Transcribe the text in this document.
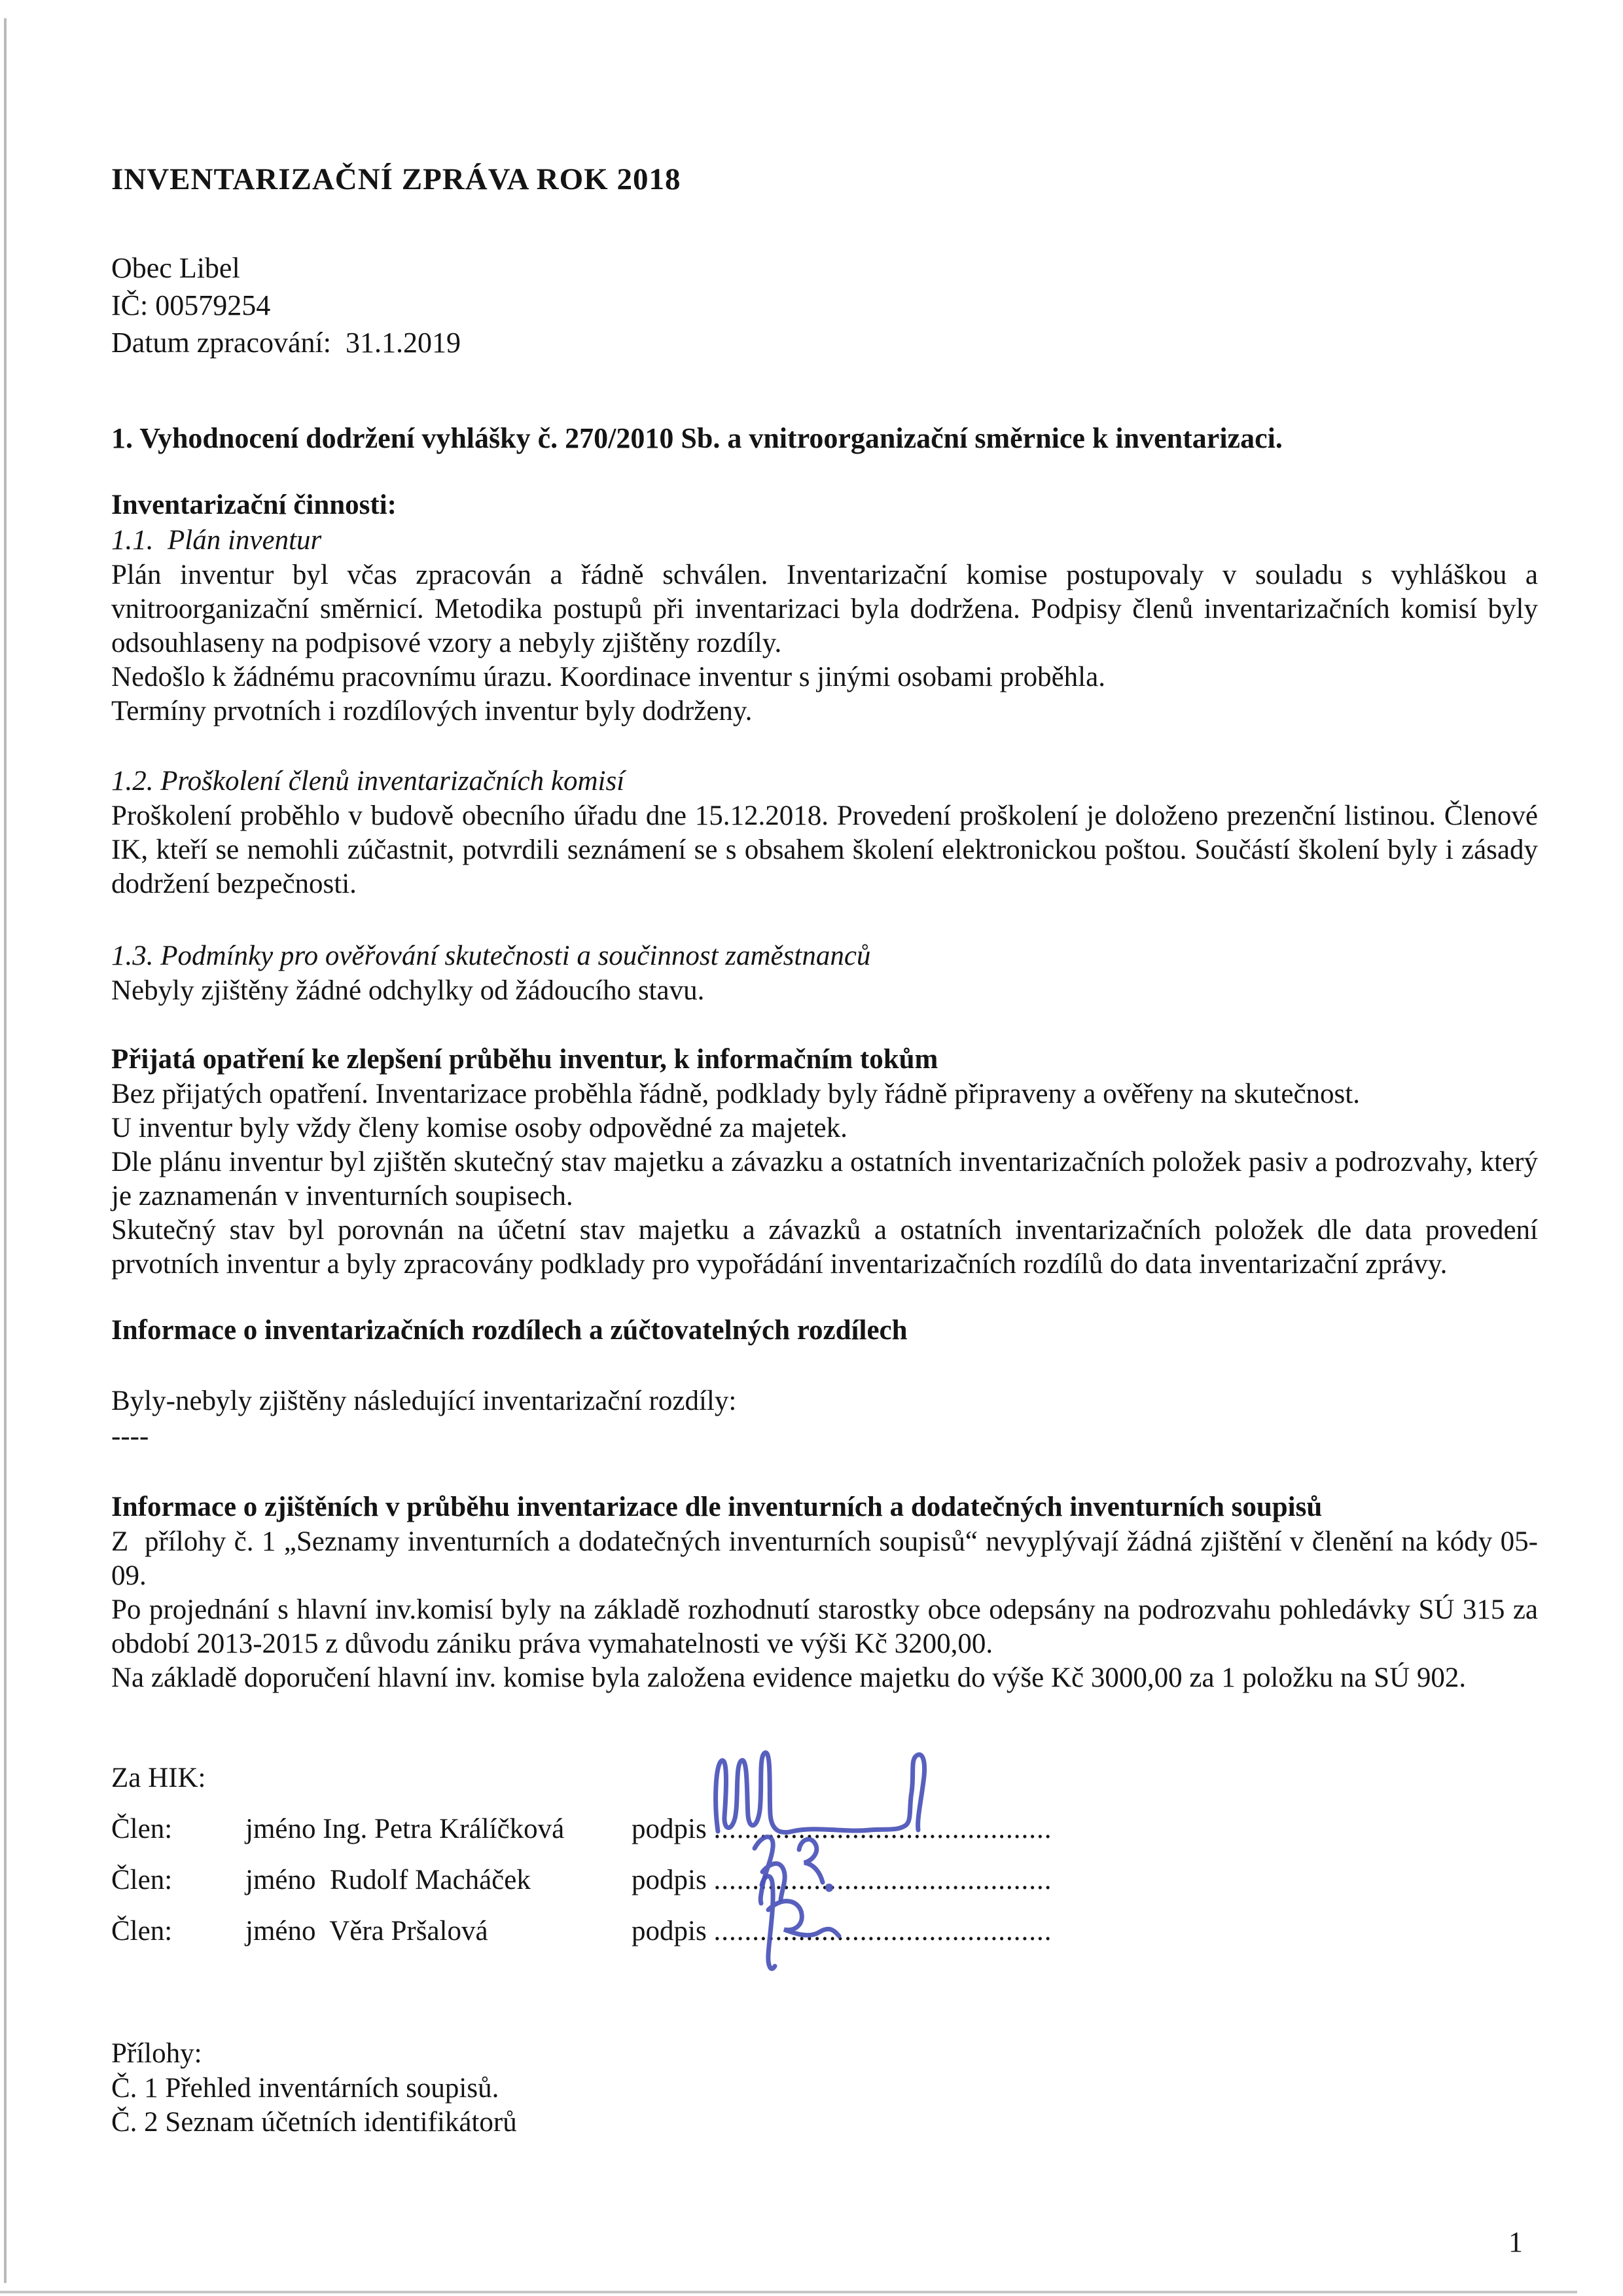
INVENTARIZAČNÍ ZPRÁVA ROK 2018
Obec Libel
IČ: 00579254
Datum zpracování:  31.1.2019
1. Vyhodnocení dodržení vyhlášky č. 270/2010 Sb. a vnitroorganizační směrnice k inventarizaci.
Inventarizační činnosti:
1.1.  Plán inventur

Plán inventur byl včas zpracován a řádně schválen. Inventarizační komise postupovaly v souladu s vyhláškou a vnitroorganizační směrnicí. Metodika postupů při inventarizaci byla dodržena. Podpisy členů inventarizačních komisí byly odsouhlaseny na podpisové vzory a nebyly zjištěny rozdíly.

Nedošlo k žádnému pracovnímu úrazu. Koordinace inventur s jinými osobami proběhla.

Termíny prvotních i rozdílových inventur byly dodrženy.

1.2. Proškolení členů inventarizačních komisí

Proškolení proběhlo v budově obecního úřadu dne 15.12.2018. Provedení proškolení je doloženo prezenční listinou. Členové IK, kteří se nemohli zúčastnit, potvrdili seznámení se s obsahem školení elektronickou poštou. Součástí školení byly i zásady dodržení bezpečnosti.

1.3. Podmínky pro ověřování skutečnosti a součinnost zaměstnanců

Nebyly zjištěny žádné odchylky od žádoucího stavu.

Přijatá opatření ke zlepšení průběhu inventur, k informačním tokům

Bez přijatých opatření. Inventarizace proběhla řádně, podklady byly řádně připraveny a ověřeny na skutečnost.

U inventur byly vždy členy komise osoby odpovědné za majetek.

Dle plánu inventur byl zjištěn skutečný stav majetku a závazku a ostatních inventarizačních položek pasiv a podrozvahy, který je zaznamenán v inventurních soupisech.

Skutečný stav byl porovnán na účetní stav majetku a závazků a ostatních inventarizačních položek dle data provedení prvotních inventur a byly zpracovány podklady pro vypořádání inventarizačních rozdílů do data inventarizační zprávy.

Informace o inventarizačních rozdílech a zúčtovatelných rozdílech

Byly-nebyly zjištěny následující inventarizační rozdíly:

----

Informace o zjištěních v průběhu inventarizace dle inventurních a dodatečných inventurních soupisů

Z  přílohy č. 1 „Seznamy inventurních a dodatečných inventurních soupisů“ nevyplývají žádná zjištění v členění na kódy 05- 09.

Po projednání s hlavní inv.komisí byly na základě rozhodnutí starostky obce odepsány na podrozvahu pohledávky SÚ 315 za období 2013-2015 z důvodu zániku práva vymahatelnosti ve výši Kč 3200,00.

Na základě doporučení hlavní inv. komise byla založena evidence majetku do výše Kč 3000,00 za 1 položku na SÚ 902.

Za HIK:
Člen:	jméno Ing. Petra Králíčková	podpis ............................................
Člen:	jméno  Rudolf Macháček	podpis ............................................
Člen:	jméno  Věra Pršalová	podpis ............................................
Přílohy:
Č. 1 Přehled inventárních soupisů.
Č. 2 Seznam účetních identifikátorů
1
